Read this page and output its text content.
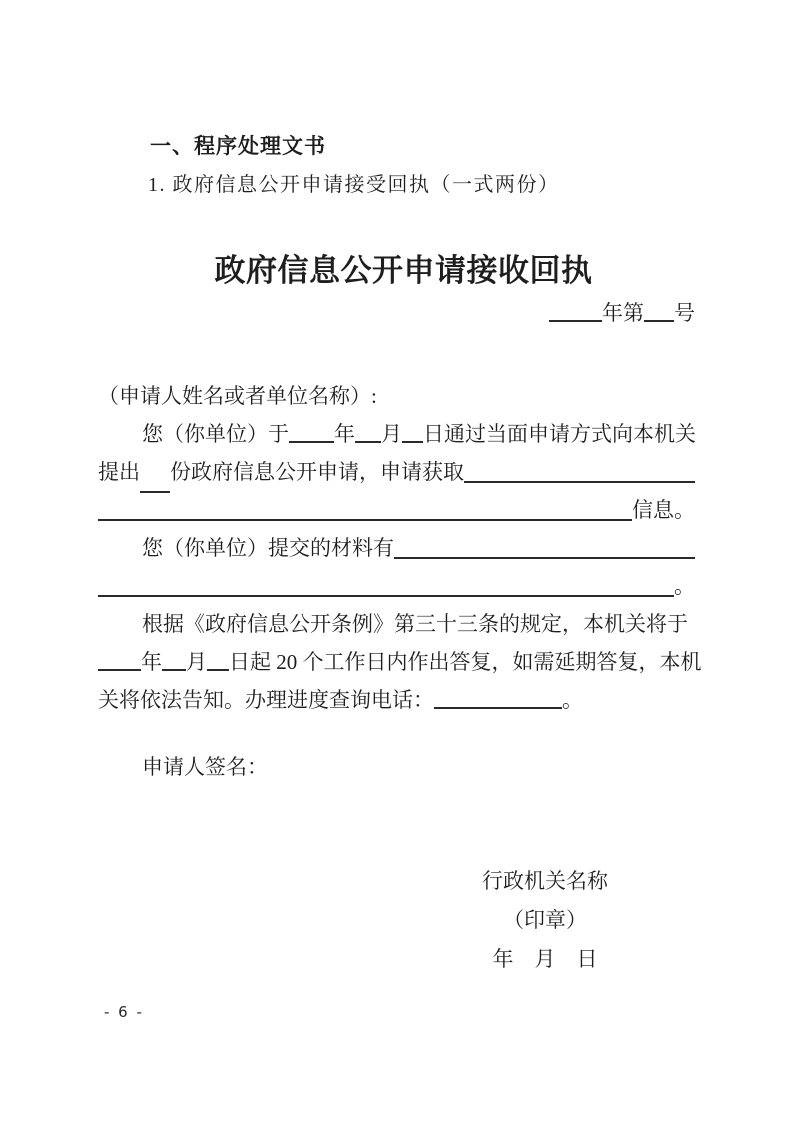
一、程序处理文书
1. 政府信息公开申请接受回执（一式两份）
政府信息公开申请接收回执
年第 号
（申请人姓名或者单位名称）:
您（你单位）于 年 月 日通过当面申请方式向本机关
提出 份政府信息公开申请，申请获取
信息。
您（你单位）提交的材料有
。
根据《政府信息公开条例》第三十三条的规定，本机关将于
年 月 日起 20 个工作日内作出答复，如需延期答复，本机
关将依法告知。办理进度查询电话：	。
申请人签名：
行政机关名称
（印章）
年　月　日
- 6 -
